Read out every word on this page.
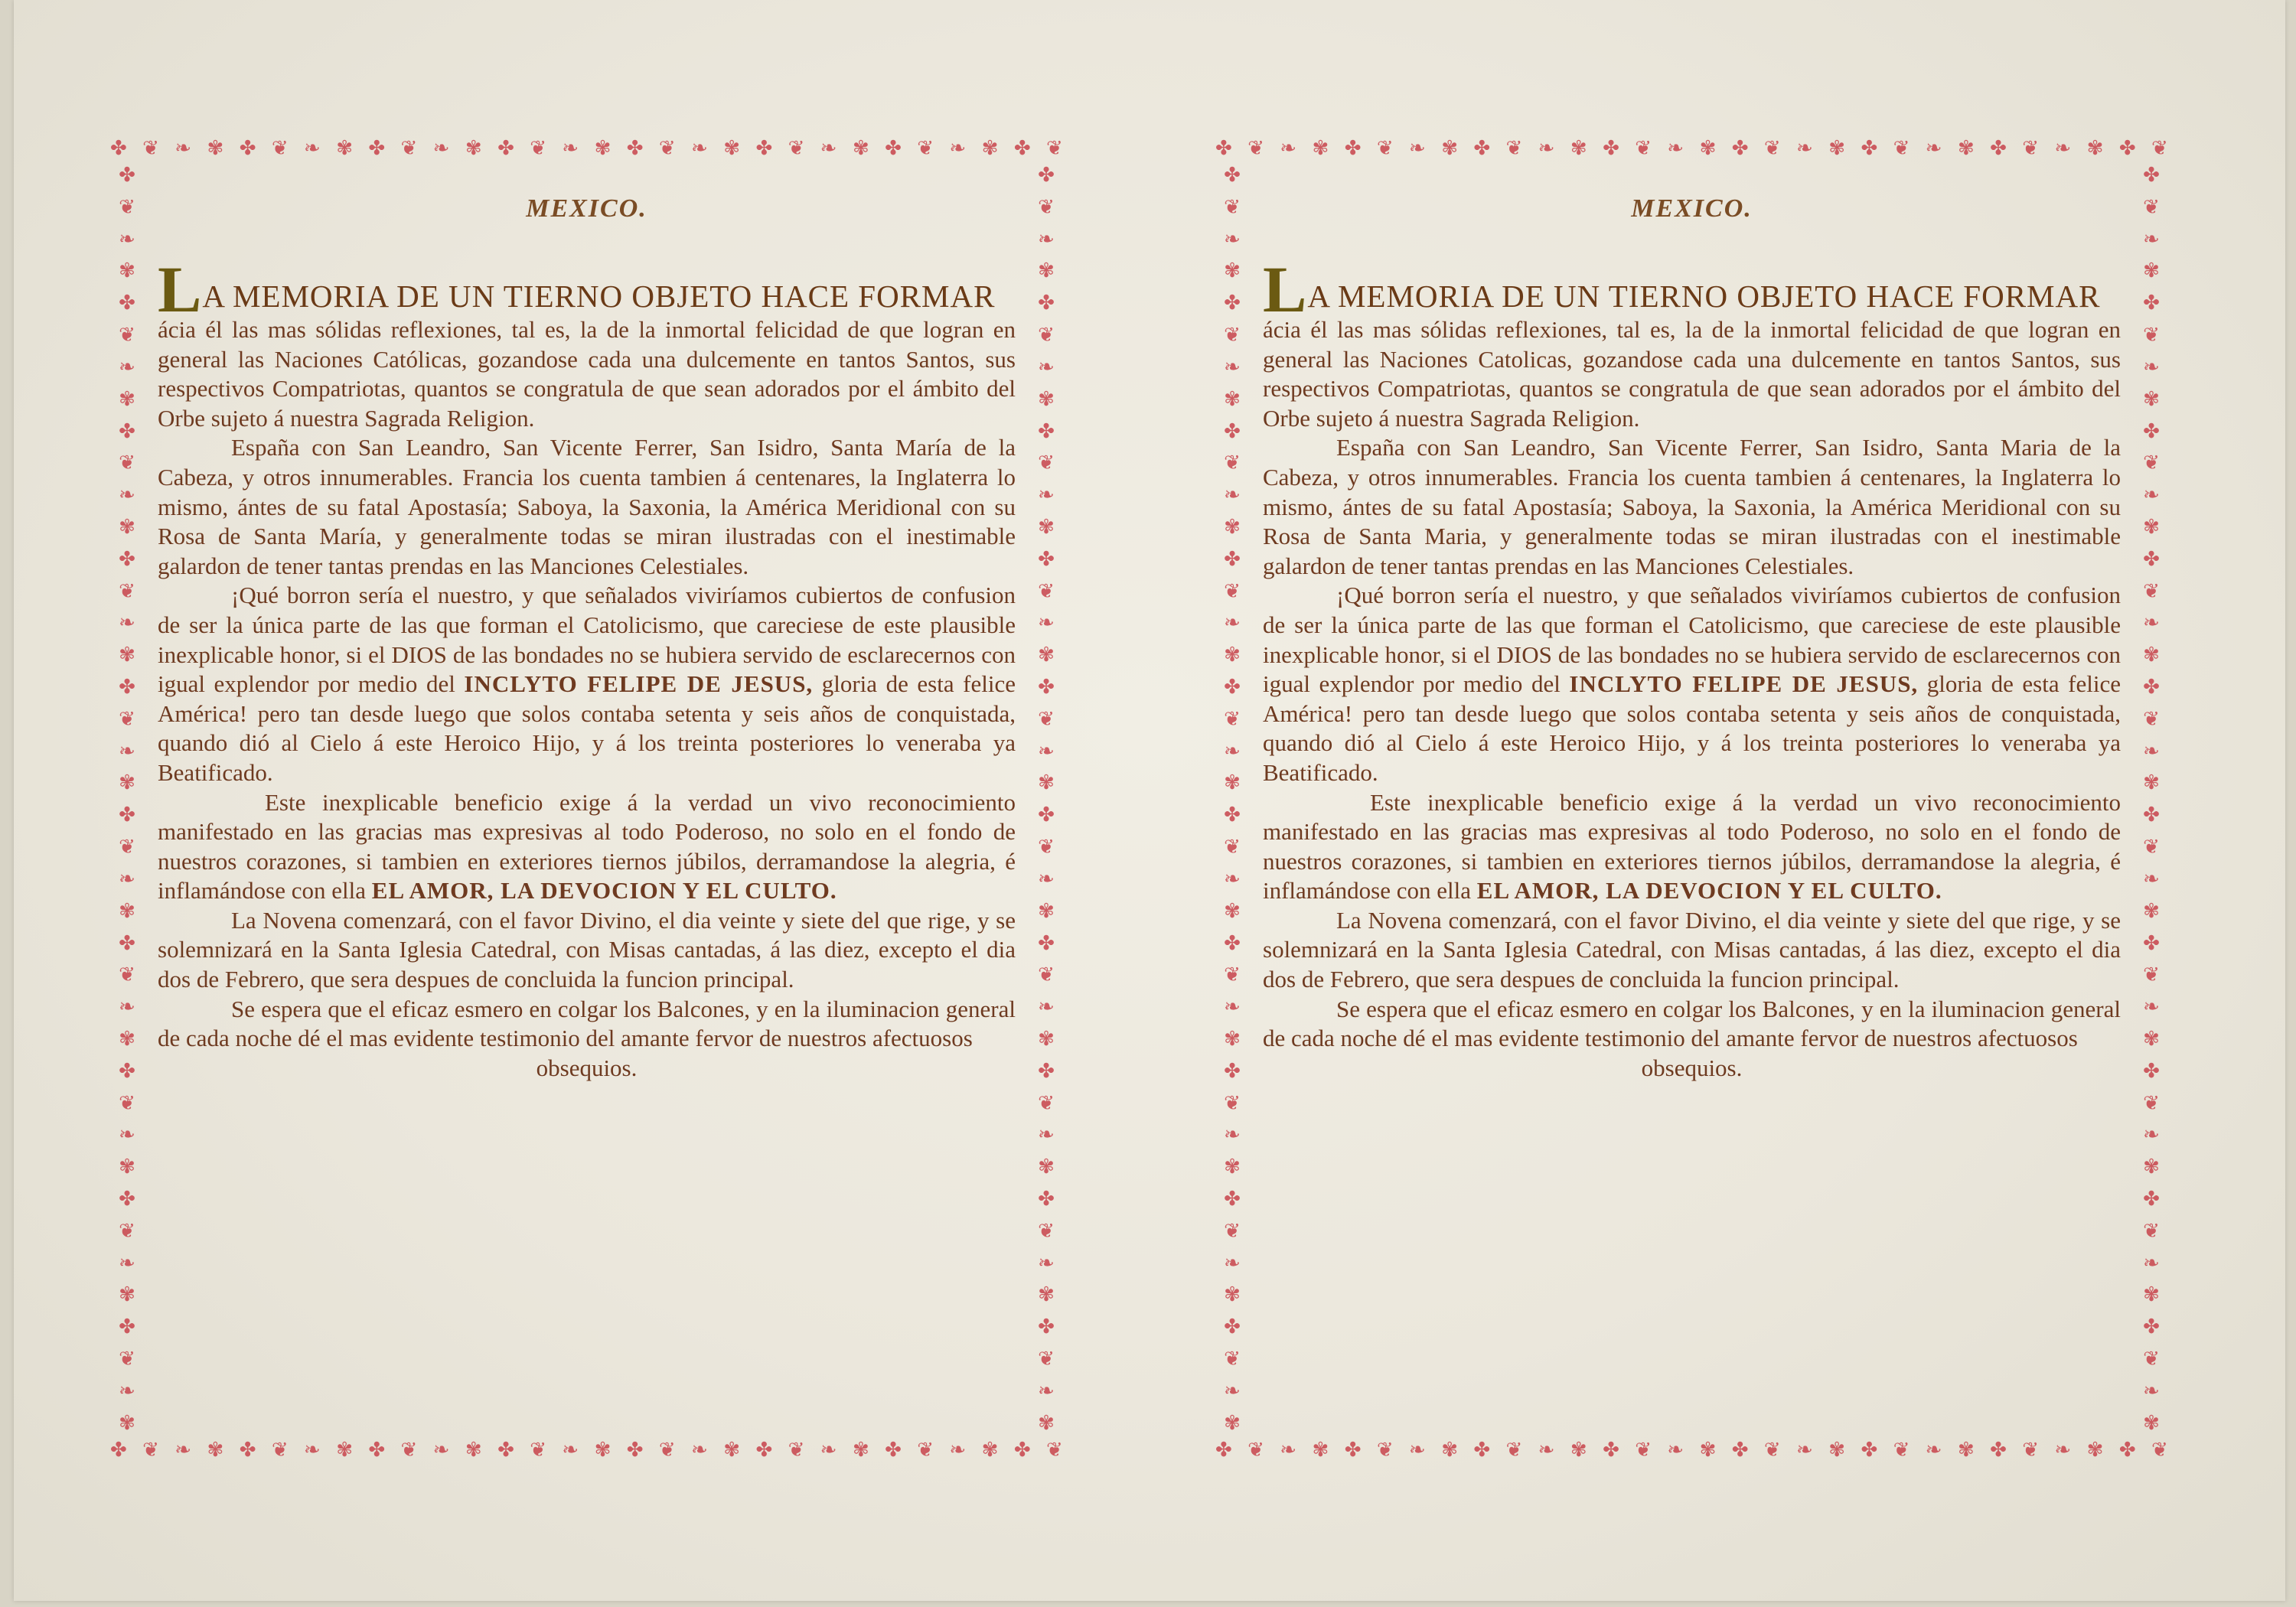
✤ ❦ ❧ ✾ ✤ ❦ ❧ ✾ ✤ ❦ ❧ ✾ ✤ ❦ ❧ ✾ ✤ ❦ ❧ ✾ ✤ ❦ ❧ ✾ ✤ ❦ ❧ ✾ ✤ ❦
✤ ❦ ❧ ✾ ✤ ❦ ❧ ✾ ✤ ❦ ❧ ✾ ✤ ❦ ❧ ✾ ✤ ❦ ❧ ✾ ✤ ❦ ❧ ✾ ✤ ❦ ❧ ✾ ✤ ❦
✤
❦
❧
✾
✤
❦
❧
✾
✤
❦
❧
✾
✤
❦
❧
✾
✤
❦
❧
✾
✤
❦
❧
✾
✤
❦
❧
✾
✤
❦
❧
✾
✤
❦
❧
✾
✤
❦
❧
✾
✤
❦
❧
✾
✤
❦
❧
✾
✤
❦
❧
✾
✤
❦
❧
✾
✤
❦
❧
✾
✤
❦
❧
✾
✤
❦
❧
✾
✤
❦
❧
✾
✤
❦
❧
✾
✤
❦
❧
✾
MEXICO.
LA MEMORIA DE UN TIERNO OBJETO HACE FORMAR

ácia él las mas sólidas reflexiones, tal es, la de la inmortal felicidad de que logran en general las Naciones Católicas, gozandose cada una dulcemente en tantos Santos, sus respectivos Compatriotas, quantos se congratula de que sean adorados por el ámbito del Orbe sujeto á nuestra Sagrada Religion.

España con San Leandro, San Vicente Ferrer, San Isidro, Santa María de la Cabeza, y otros innumerables. Francia los cuenta tambien á centenares, la Inglaterra lo mismo, ántes de su fatal Apostasía; Saboya, la Saxonia, la América Meridional con su Rosa de Santa María, y generalmente todas se miran ilustradas con el inestimable galardon de tener tantas prendas en las Manciones Celestiales.

¡Qué borron sería el nuestro, y que señalados viviríamos cubiertos de confusion de ser la única parte de las que forman el Catolicismo, que careciese de este plausible inexplicable honor, si el DIOS de las bondades no se hubiera servido de esclarecernos con igual explendor por medio del INCLYTO FELIPE DE JESUS, gloria de esta felice América! pero tan desde luego que solos contaba setenta y seis años de conquistada, quando dió al Cielo á este Heroico Hijo, y á los treinta posteriores lo veneraba ya Beatificado.

Este inexplicable beneficio exige á la verdad un vivo reconocimiento manifestado en las gracias mas expresivas al todo Poderoso, no solo en el fondo de nuestros corazones, si tambien en exteriores tiernos júbilos, derramandose la alegria, é inflamándose con ella EL AMOR, LA DEVOCION Y EL CULTO.

La Novena comenzará, con el favor Divino, el dia veinte y siete del que rige, y se solemnizará en la Santa Iglesia Catedral, con Misas cantadas, á las diez, excepto el dia dos de Febrero, que sera despues de concluida la funcion principal.

Se espera que el eficaz esmero en colgar los Balcones, y en la iluminacion general de cada noche dé el mas evidente testimonio del amante fervor de nuestros afectuosos

obsequios.

✤ ❦ ❧ ✾ ✤ ❦ ❧ ✾ ✤ ❦ ❧ ✾ ✤ ❦ ❧ ✾ ✤ ❦ ❧ ✾ ✤ ❦ ❧ ✾ ✤ ❦ ❧ ✾ ✤ ❦
✤ ❦ ❧ ✾ ✤ ❦ ❧ ✾ ✤ ❦ ❧ ✾ ✤ ❦ ❧ ✾ ✤ ❦ ❧ ✾ ✤ ❦ ❧ ✾ ✤ ❦ ❧ ✾ ✤ ❦
✤
❦
❧
✾
✤
❦
❧
✾
✤
❦
❧
✾
✤
❦
❧
✾
✤
❦
❧
✾
✤
❦
❧
✾
✤
❦
❧
✾
✤
❦
❧
✾
✤
❦
❧
✾
✤
❦
❧
✾
✤
❦
❧
✾
✤
❦
❧
✾
✤
❦
❧
✾
✤
❦
❧
✾
✤
❦
❧
✾
✤
❦
❧
✾
✤
❦
❧
✾
✤
❦
❧
✾
✤
❦
❧
✾
✤
❦
❧
✾
MEXICO.
LA MEMORIA DE UN TIERNO OBJETO HACE FORMAR

ácia él las mas sólidas reflexiones, tal es, la de la inmortal felicidad de que logran en general las Naciones Catolicas, gozandose cada una dulcemente en tantos Santos, sus respectivos Compatriotas, quantos se congratula de que sean adorados por el ámbito del Orbe sujeto á nuestra Sagrada Religion.

España con San Leandro, San Vicente Ferrer, San Isidro, Santa Maria de la Cabeza, y otros innumerables. Francia los cuenta tambien á centenares, la Inglaterra lo mismo, ántes de su fatal Apostasía; Saboya, la Saxonia, la América Meridional con su Rosa de Santa Maria, y generalmente todas se miran ilustradas con el inestimable galardon de tener tantas prendas en las Manciones Celestiales.

¡Qué borron sería el nuestro, y que señalados viviríamos cubiertos de confusion de ser la única parte de las que forman el Catolicismo, que careciese de este plausible inexplicable honor, si el DIOS de las bondades no se hubiera servido de esclarecernos con igual explendor por medio del INCLYTO FELIPE DE JESUS, gloria de esta felice América! pero tan desde luego que solos contaba setenta y seis años de conquistada, quando dió al Cielo á este Heroico Hijo, y á los treinta posteriores lo veneraba ya Beatificado.

Este inexplicable beneficio exige á la verdad un vivo reconocimiento manifestado en las gracias mas expresivas al todo Poderoso, no solo en el fondo de nuestros corazones, si tambien en exteriores tiernos júbilos, derramandose la alegria, é inflamándose con ella EL AMOR, LA DEVOCION Y EL CULTO.

La Novena comenzará, con el favor Divino, el dia veinte y siete del que rige, y se solemnizará en la Santa Iglesia Catedral, con Misas cantadas, á las diez, excepto el dia dos de Febrero, que sera despues de concluida la funcion principal.

Se espera que el eficaz esmero en colgar los Balcones, y en la iluminacion general de cada noche dé el mas evidente testimonio del amante fervor de nuestros afectuosos

obsequios.
